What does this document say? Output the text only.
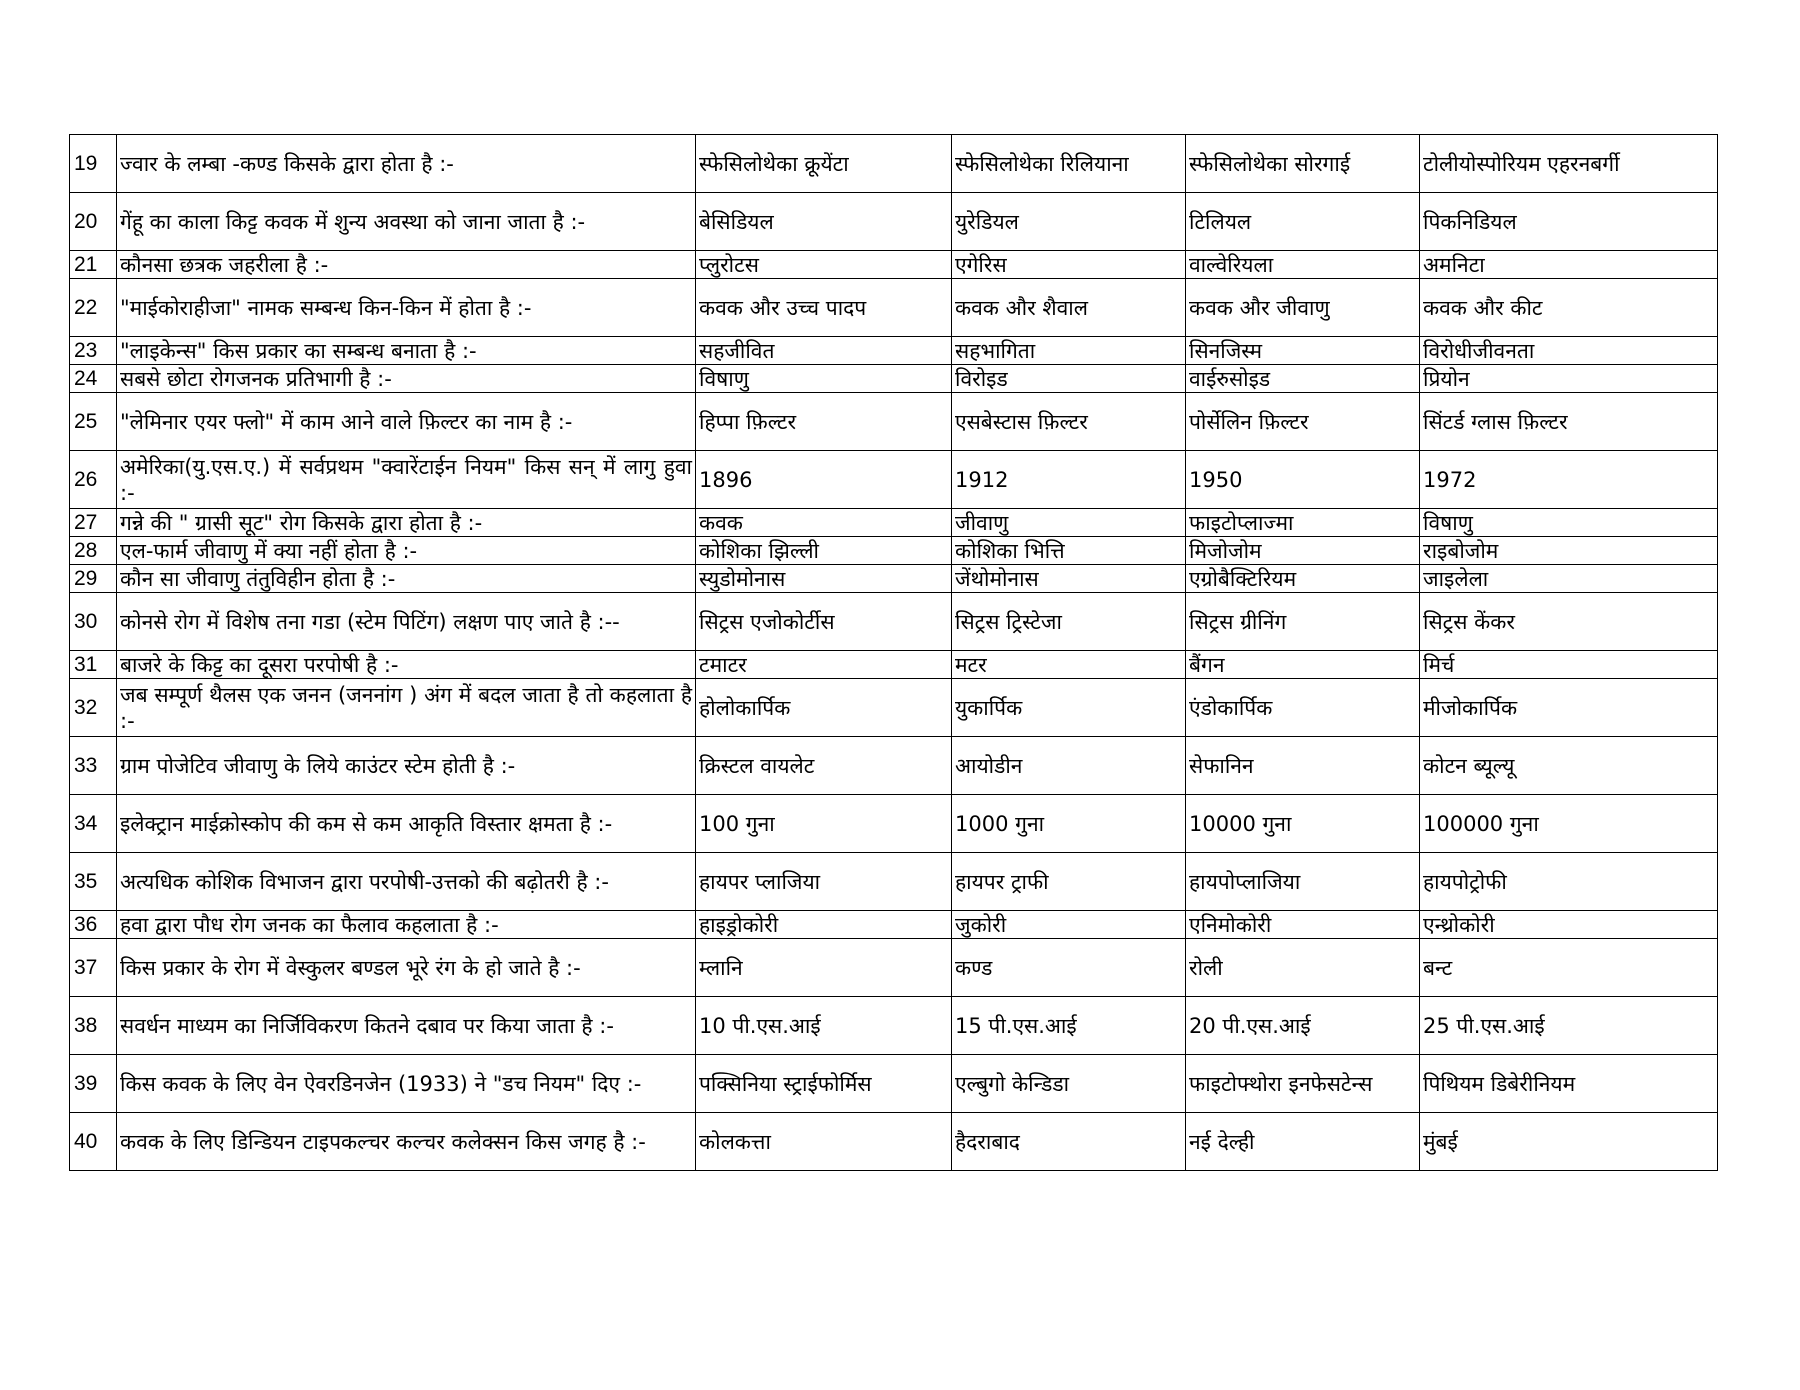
19	ज्वार के लम्बा -कण्ड किसके द्वारा होता है :-	स्फेसिलोथेका क्रूयेंटा	स्फेसिलोथेका रिलियाना	स्फेसिलोथेका सोरगाई	टोलीयोस्पोरियम एहरनबर्गी
20	गेंहू का काला किट्ट कवक में शुन्य अवस्था को जाना जाता है :-	बेसिडियल	युरेडियल	टिलियल	पिकनिडियल
21	कौनसा छत्रक जहरीला है :-	प्लुरोटस	एगेरिस	वाल्वेरियला	अमनिटा
22	"माईकोराहीजा" नामक सम्बन्ध किन-किन में होता है :-	कवक और उच्च पादप	कवक और शैवाल	कवक और जीवाणु	कवक और कीट
23	"लाइकेन्स" किस प्रकार का सम्बन्ध बनाता है :-	सहजीवित	सहभागिता	सिनजिस्म	विरोधीजीवनता
24	सबसे छोटा रोगजनक प्रतिभागी है :-	विषाणु	विरोइड	वाईरुसोइड	प्रियोन
25	"लेमिनार एयर फ्लो" में काम आने वाले फ़िल्टर का नाम है :-	हिप्पा फ़िल्टर	एसबेस्टास फ़िल्टर	पोर्सेलिन फ़िल्टर	सिंटर्ड ग्लास फ़िल्टर
26	अमेरिका(यु.एस.ए.) में सर्वप्रथम "क्वारेंटाईन नियम" किस सन् में लागु हुवा :-	1896	1912	1950	1972
27	गन्ने की " ग्रासी सूट" रोग किसके द्वारा होता है :-	कवक	जीवाणु	फाइटोप्लाज्मा	विषाणु
28	एल-फार्म जीवाणु में क्या नहीं होता है :-	कोशिका झिल्ली	कोशिका भित्ति	मिजोजोम	राइबोजोम
29	कौन सा जीवाणु तंतुविहीन होता है :-	स्युडोमोनास	जेंथोमोनास	एग्रोबैक्टिरियम	जाइलेला
30	कोनसे रोग में विशेष तना गडा (स्टेम पिटिंग) लक्षण पाए जाते है :--	सिट्रस एजोकोर्टीस	सिट्रस ट्रिस्टेजा	सिट्रस ग्रीनिंग	सिट्रस केंकर
31	बाजरे के किट्ट का दूसरा परपोषी है :-	टमाटर	मटर	बैंगन	मिर्च
32	जब सम्पूर्ण थैलस एक जनन (जननांग ) अंग में बदल जाता है तो कहलाता है :-	होलोकार्पिक	युकार्पिक	एंडोकार्पिक	मीजोकार्पिक
33	ग्राम पोजेटिव जीवाणु के लिये काउंटर स्टेम होती है :-	क्रिस्टल वायलेट	आयोडीन	सेफानिन	कोटन ब्यूल्यू
34	इलेक्ट्रान माईक्रोस्कोप की कम से कम आकृति विस्तार क्षमता है :-	100 गुना	1000 गुना	10000 गुना	100000 गुना
35	अत्यधिक कोशिक विभाजन द्वारा परपोषी-उत्तको की बढ़ोतरी है :-	हायपर प्लाजिया	हायपर ट्राफी	हायपोप्लाजिया	हायपोट्रोफी
36	हवा द्वारा पौध रोग जनक का फैलाव कहलाता है :-	हाइड्रोकोरी	जुकोरी	एनिमोकोरी	एन्थ्रोकोरी
37	किस प्रकार के रोग में वेस्कुलर बण्डल भूरे रंग के हो जाते है :-	म्लानि	कण्ड	रोली	बन्ट
38	सवर्धन माध्यम का निर्जिविकरण कितने दबाव पर किया जाता है :-	10 पी.एस.आई	15 पी.एस.आई	20 पी.एस.आई	25 पी.एस.आई
39	किस कवक के लिए वेन ऐवरडिनजेन (1933) ने "डच नियम" दिए :-	पक्सिनिया स्ट्राईफोर्मिस	एल्बुगो केन्डिडा	फाइटोफ्थोरा इनफेसटेन्स	पिथियम डिबेरीनियम
40	कवक के लिए डिन्डियन टाइपकल्चर कल्चर कलेक्सन किस जगह है :-	कोलकत्ता	हैदराबाद	नई देल्ही	मुंबई
